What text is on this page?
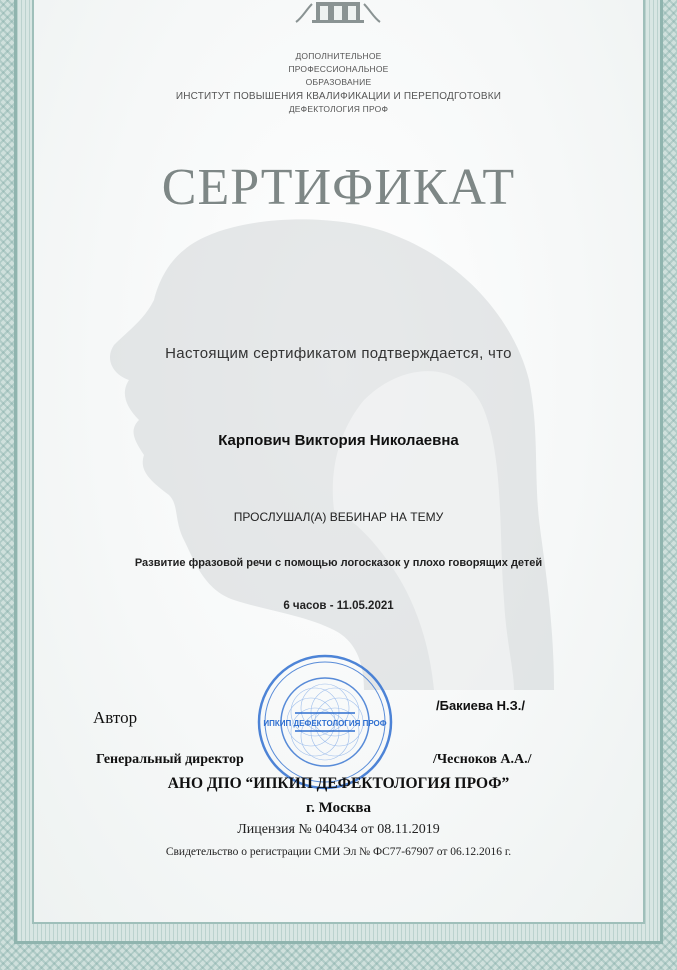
ДОПОЛНИТЕЛЬНОЕ
ПРОФЕССИОНАЛЬНОЕ
ОБРАЗОВАНИЕ
ИНСТИТУТ ПОВЫШЕНИЯ КВАЛИФИКАЦИИ И ПЕРЕПОДГОТОВКИ
ДЕФЕКТОЛОГИЯ ПРОФ
СЕРТИФИКАТ
Настоящим сертификатом подтверждается, что
Карпович Виктория Николаевна
ПРОСЛУШАЛ(А) ВЕБИНАР НА ТЕМУ
Развитие фразовой речи с помощью логосказок у плохо говорящих детей
6 часов - 11.05.2021
ИПКИП ДЕФЕКТОЛОГИЯ ПРОФ
Автор
/Бакиева Н.З./
Генеральный директор	/Чесноков А.А./
АНО ДПО “ИПКИП ДЕФЕКТОЛОГИЯ ПРОФ”
г. Москва
Лицензия № 040434 от 08.11.2019
Свидетельство о регистрации СМИ Эл № ФС77-67907 от 06.12.2016 г.
